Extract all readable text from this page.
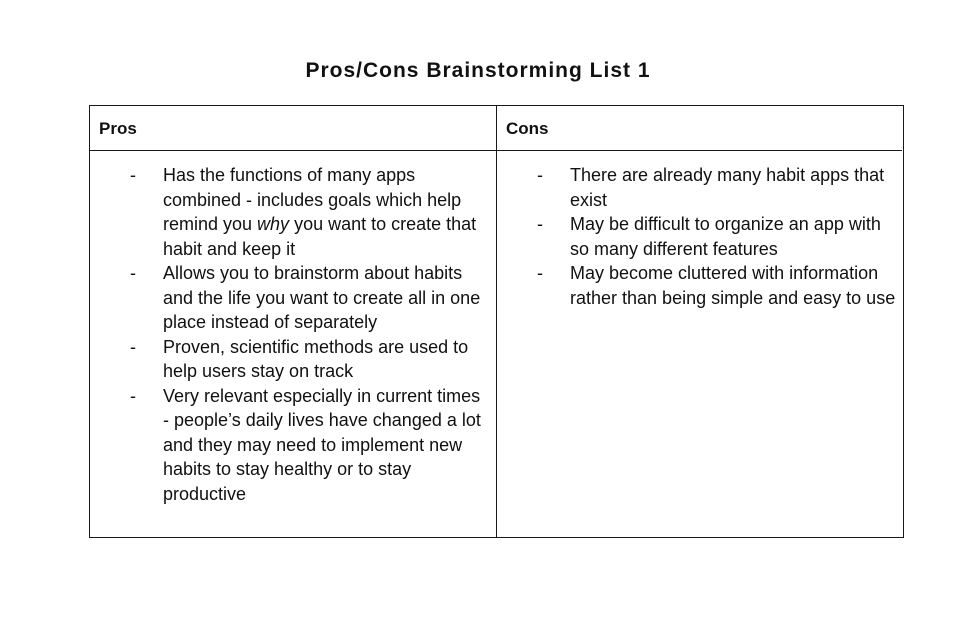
Pros/Cons Brainstorming List 1
Pros
- Has the functions of many apps combined - includes goals which help remind you why you want to create that habit and keep it
- Allows you to brainstorm about habits and the life you want to create all in one place instead of separately
- Proven, scientific methods are used to help users stay on track
- Very relevant especially in current times - people’s daily lives have changed a lot and they may need to implement new habits to stay healthy or to stay productive
Cons
- There are already many habit apps that exist
- May be difficult to organize an app with so many different features
- May become cluttered with information rather than being simple and easy to use
